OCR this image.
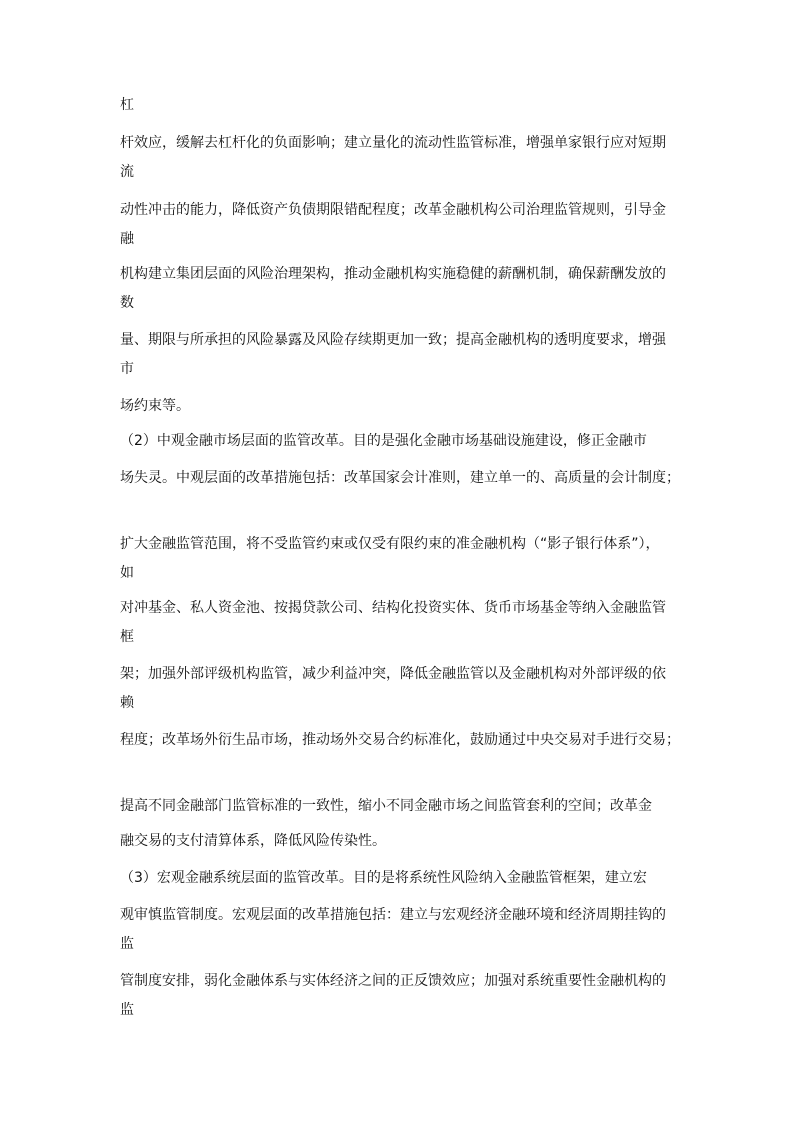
杠
杆效应，缓解去杠杆化的负面影响；建立量化的流动性监管标准，增强单家银行应对短期
流
动性冲击的能力，降低资产负债期限错配程度；改革金融机构公司治理监管规则，引导金
融
机构建立集团层面的风险治理架构，推动金融机构实施稳健的薪酬机制，确保薪酬发放的
数
量、期限与所承担的风险暴露及风险存续期更加一致；提高金融机构的透明度要求，增强
市
场约束等。
（2）中观金融市场层面的监管改革。目的是强化金融市场基础设施建设，修正金融市
场失灵。中观层面的改革措施包括：改革国家会计准则，建立单一的、高质量的会计制度；
扩大金融监管范围，将不受监管约束或仅受有限约束的准金融机构（“影子银行体系”），
如
对冲基金、私人资金池、按揭贷款公司、结构化投资实体、货币市场基金等纳入金融监管
框
架；加强外部评级机构监管，减少利益冲突，降低金融监管以及金融机构对外部评级的依
赖
程度；改革场外衍生品市场，推动场外交易合约标准化，鼓励通过中央交易对手进行交易；
提高不同金融部门监管标准的一致性，缩小不同金融市场之间监管套利的空间；改革金
融交易的支付清算体系，降低风险传染性。
（3）宏观金融系统层面的监管改革。目的是将系统性风险纳入金融监管框架，建立宏
观审慎监管制度。宏观层面的改革措施包括：建立与宏观经济金融环境和经济周期挂钩的
监
管制度安排，弱化金融体系与实体经济之间的正反馈效应；加强对系统重要性金融机构的
监
